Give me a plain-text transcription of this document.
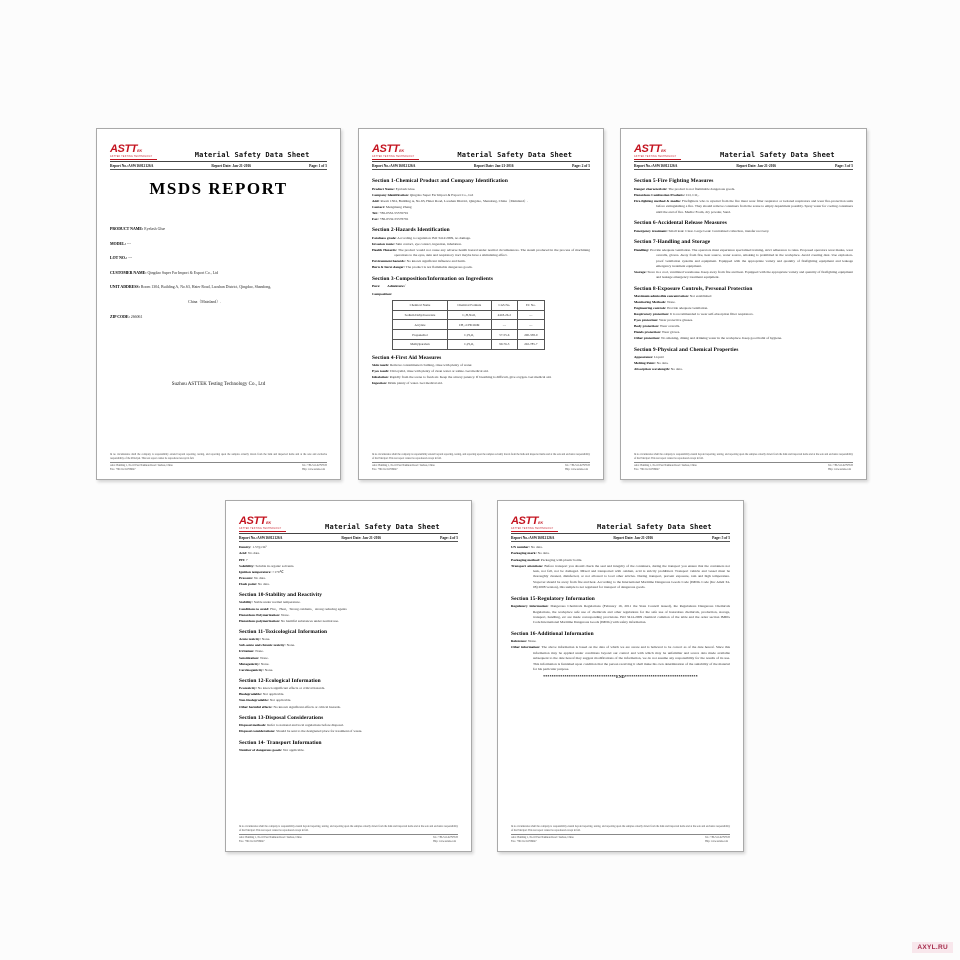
ASTTEK
ASTTEK TESTING TECHNOLOGY	Material Safety Data Sheet
Report No.:ASW16012126A	Report Date: Jan-21-2016	Page: 1 of 5
MSDS REPORT
PRODUCT NAME: Eyelash Glue
MODEL: ---
LOT NO.: ---
CUSTOMER NAME: Qingdao Super Far Import & Export Co., Ltd
UNIT ADDRESS: Room 1304, Building A, No.63, Haier Road, Laoshan District, Qingdao, Shandong,
China（Mainland）.
ZIP CODE: 266061
Suzhou ASTTEK Testing Technology Co., Ltd
In no circumstance shall the company is responsibility extend beyond reporting, testing, and reporting upon the samples actually drawn from the bulk and inspected items and at the sole and exclusive responsibility of the Principal. This test report cannot be reproduced except in full.
Add.: Building 1, No.10 East Nanhuan Road / Suzhou, China
Fax.: +86-512-62799647
Tel.: +86-512-62797635
Http: www.asttek.com
ASTTEK
ASTTEK TESTING TECHNOLOGY	Material Safety Data Sheet
Report No.:ASW16012126A	Report Date: Jan-21-2016	Page: 2 of 5
Section 1-Chemical Product and Company Identification
Product Name: Eyelash Glue.
Company Identification: Qingdao Super Far Import & Export Co., Ltd
Add: Room 1304, Building A, No.63, Haier Road, Laoshan District, Qingdao, Shandong, China（Mainland）.
Contact: Mengmeng Zhang
Tel.: +86-0532-55576791
Fax: +86-0532-55576791
Section 2-Hazards Identification
Fatalness grade: According to regulation ISO 3414:2009, no damage.
Invasion route: Skin contact, eye contact, ingestion, inhalation.
Health Hazards: The product would not cause any adverse health hazard under normal circumstances. The steam produced in the process of machining operations to the eyes, skin and respiratory tract maybe have a stimulating effect.
Environment hazards: No known significant influence and harm.
Burn & burst danger: The product is not flammable dangerous goods.
Section 3-Composition/Information on Ingredients
Pure:        Admixture√
Composition:
Chemical Name	Chemical Formula	CAS No.	EC No.
Sodium Dehydroacetate	C₈H₇NaO₄	4418-26-2	---
Acrylate	CH₂=CHCOOR	---	---
Propanediol	C₃H₈O₂	57-55-6	200-338-0
Methylparaben	C₈H₈O₃	99-76-3	202-785-7
Section 4-First Aid Measures
Skin touch: Remove contaminated clothing, rinse with plenty of water.
Eyes touch: Did eyelid, rinse with plenty of clean water or saline. Get medical aid.
Inhalation: Rapidly from the scene to fresh air. Keep the airway patency. If breathing is difficult, give oxygen. Get medical aid.
Ingestion: Drink plenty of water. Get medical aid.
In no circumstance shall the company is responsibility extend beyond reporting, testing, and reporting upon the samples actually drawn from the bulk and inspected items and at the sole and exclusive responsibility of the Principal. This test report cannot be reproduced except in full.
Add.: Building 1, No.10 East Nanhuan Road / Suzhou, China
Fax.: +86-512-62799647
Tel.: +86-512-62797635
Http: www.asttek.com
ASTTEK
ASTTEK TESTING TECHNOLOGY	Material Safety Data Sheet
Report No.:ASW16012126A	Report Date: Jan-21-2016	Page: 3 of 5
Section 5-Fire Fighting Measures
Danger characteristic: The product is not flammable dangerous goods.
Hazardous Combustion Products: CO, CO₂.
Fire-fighting method & media: Firefighters who is upwind from the fire must wear filter respirator or isolated respirators and wear fire-protection suits before extinguishing a fire. They should remove containers from the scene to empty department possibly. Spray water for cooling containers until the end of fire. Media: Foam, dry powder, Sand.
Section 6-Accidental Release Measures
Emergency treatment: Small leak: Clear. Large Leak: Centralized collection, transfer recovery.
Section 7-Handling and Storage
Handling: Provide adequate ventilation. The operators must experience specialized training, strict adherence to rules. Proposed operators wear masks, wear overalls, gloves. Away from fire, heat source, water source, smoking is prohibited in the workplace. Avoid creating dust. Use explosion-proof ventilation systems and equipment. Equipped with the appropriate variety and quantity of firefighting equipment and leakage emergency treatment equipment.
Storage: Store in a cool, ventilated warehouse. Keep away from fire and heat. Equipped with the appropriate variety and quantity of firefighting equipment and leakage emergency treatment equipment.
Section 8-Exposure Controls, Personal Protection
Maximum admissible concentration: Not established
Monitoring Methods: None.
Engineering controls: Provide adequate ventilation.
Respiratory protection: It is recommended to wear self-absorption filter respirators.
Eyes protection: Wear protective glasses.
Body protection: Wear overalls.
Hands protection: Wear gloves.
Other protection: No smoking, dining and drinking water in the workplace. Keep good habit of hygiene.
Section 9-Physical and Chemical Properties
Appearance: Liquid
Melting Point: No data.
Absorption wavelength: No data.
In no circumstance shall the company is responsibility extend beyond reporting, testing, and reporting upon the samples actually drawn from the bulk and inspected items and at the sole and exclusive responsibility of the Principal. This test report cannot be reproduced except in full.
Add.: Building 1, No.10 East Nanhuan Road / Suzhou, China
Fax.: +86-512-62799647
Tel.: +86-512-62797635
Http: www.asttek.com
ASTTEK
ASTTEK TESTING TECHNOLOGY	Material Safety Data Sheet
Report No.:ASW16012126A	Report Date: Jan-21-2016	Page: 4 of 5
Density: 1.57g/cm³
Acid: No data.
PH: 7
Solubility: Soluble in organic solvents.
Ignition temperature: >170℃
Pressure: No data.
Flash point: No data.
Section 10-Stability and Reactivity
Stability: Stable under normal temperature.
Conditions to avoid: Fire、Heat、Strong oxidants、strong reducing agents
Hazardous Polymerization: None.
Hazardous polymerization: No harmful substances under normal use.
Section 11-Toxicological Information
Acute toxicity: None.
Sub-acute and chronic toxicity: None.
Irritation: None.
Sensitization: None.
Mutagenicity: None.
Carcinogenicity: None.
Section 12-Ecological Information
Ecotoxicity: No known significant effects or critical hazards.
Biodegradable: Not applicable.
Non-biodegradable: Not applicable.
Other harmful effects: No known significant effects or critical hazards.
Section 13-Disposal Considerations
Disposal methods: Refer to national and local regulations before disposal.
Disposal considerations: Should be sent to the designated place for treatment of waste.
Section 14- Transport Information
Number of dangerous goods: Not applicable.
In no circumstance shall the company is responsibility extend beyond reporting, testing, and reporting upon the samples actually drawn from the bulk and inspected items and at the sole and exclusive responsibility of the Principal. This test report cannot be reproduced except in full.
Add.: Building 1, No.10 East Nanhuan Road / Suzhou, China
Fax.: +86-512-62799647
Tel.: +86-512-62797635
Http: www.asttek.com
ASTTEK
ASTTEK TESTING TECHNOLOGY	Material Safety Data Sheet
Report No.:ASW16012126A	Report Date: Jan-21-2016	Page: 5 of 5
UN number: No data.
Packaging mark: No data.
Packaging method: Packaging with plastic bottle.
Transport attentions: Before transport you should check the seal and integrity of the containers, during the transport you ensure that the containers not leak, not fall, not be damaged. Mixed and transported with oxidant, acid is strictly prohibited. Transport vehicle and vessel must be thoroughly cleaned, disinfected, or not allowed to load other articles. During transport, prevent exposure, rain and high temperature. Stopover should be away from fire and heat. According to the International Maritime Dangerous Goods Code (IMDG Code (Inc Amdt 34-08) 2008 version), this sample is not regulated for transport of dangerous goods.
Section 15-Regulatory Information
Regulatory information: Dangerous Chemicals Regulations (February 16, 2011 the State Council issued), the Regulations Dangerous Chemicals Regulations, the workplace safe use of chemicals and other regulations for the safe use of hazardous chemicals, production, storage, transport, handling, etc are made corresponding provisions. ISO 3414-2009 chemical common of the table and the order section IMDG Code International Maritime Dangerous Goods (IMDG) with safety information.
Section 16-Additional Information
Reference: None.
Other information: The above information is based on the data of which we are aware and is believed to be correct as of the date hereof. Since this information may be applied under conditions beyond our control and with which may be unfamiliar and scarce data made available subsequent to the date hereof may suggest modifications of the information, we do not assume any responsibility for the results of its use. This information is furnished upon condition that the person receiving it shall make his own determination of the suitability of the material for his particular purpose.
**********************************END**********************************
In no circumstance shall the company is responsibility extend beyond reporting, testing, and reporting upon the samples actually drawn from the bulk and inspected items and at the sole and exclusive responsibility of the Principal. This test report cannot be reproduced except in full.
Add.: Building 1, No.10 East Nanhuan Road / Suzhou, China
Fax.: +86-512-62799647
Tel.: +86-512-62797635
Http: www.asttek.com
AXYL.RU
